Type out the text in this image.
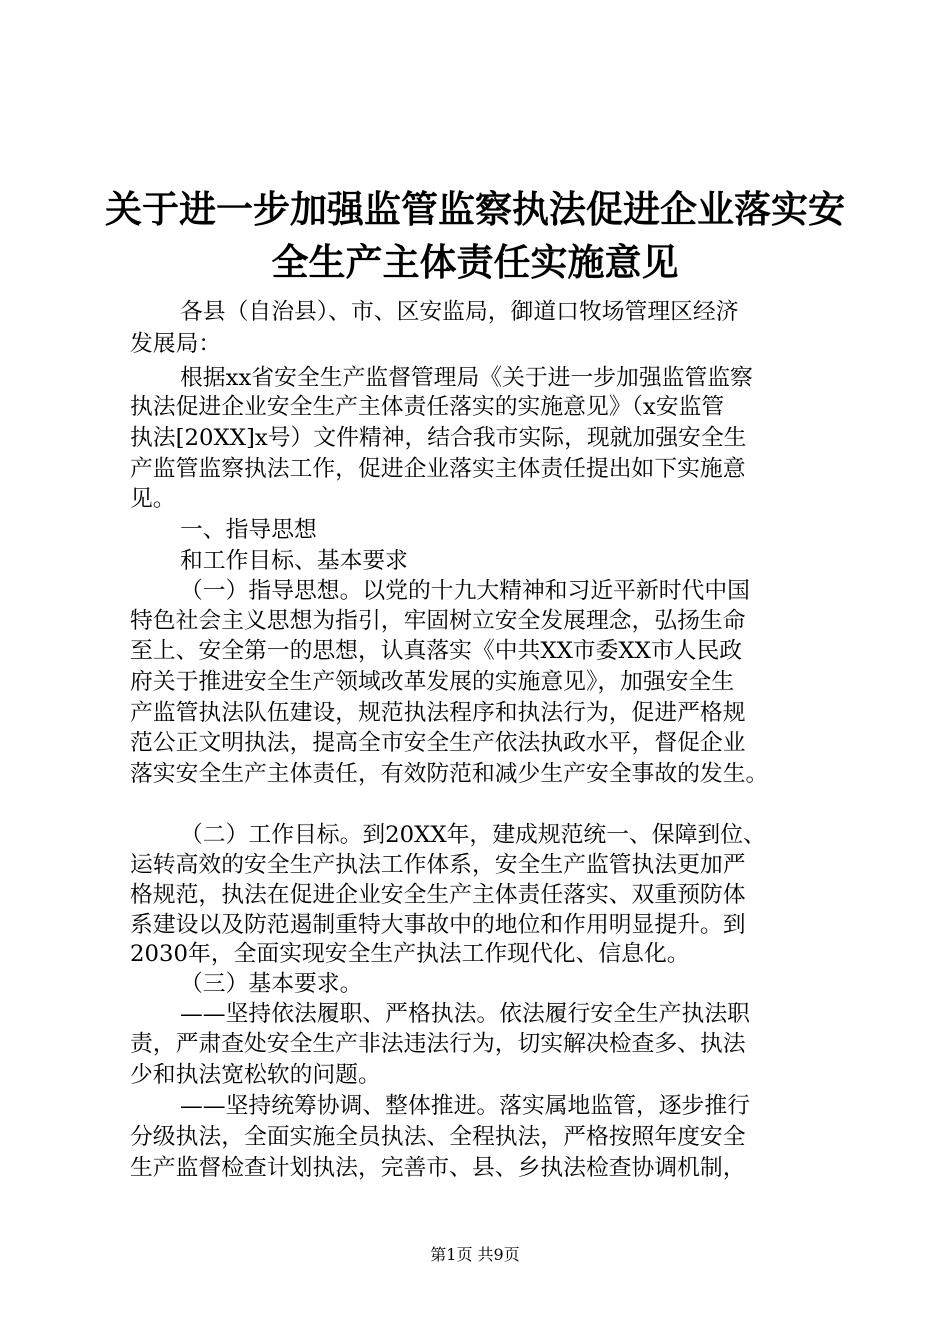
关于进一步加强监管监察执法促进企业落实安
全生产主体责任实施意见
各县（自治县）、市、区安监局，御道口牧场管理区经济
发展局：
根据xx省安全生产监督管理局《关于进一步加强监管监察
执法促进企业安全生产主体责任落实的实施意见》（x安监管
执法[20XX]x号）文件精神，结合我市实际，现就加强安全生
产监管监察执法工作，促进企业落实主体责任提出如下实施意
见。
一、指导思想
和工作目标、基本要求
（一）指导思想。以党的十九大精神和习近平新时代中国
特色社会主义思想为指引，牢固树立安全发展理念，弘扬生命
至上、安全第一的思想，认真落实《中共XX市委XX市人民政
府关于推进安全生产领域改革发展的实施意见》，加强安全生
产监管执法队伍建设，规范执法程序和执法行为，促进严格规
范公正文明执法，提高全市安全生产依法执政水平，督促企业
落实安全生产主体责任，有效防范和减少生产安全事故的发生。
（二）工作目标。到20XX年，建成规范统一、保障到位、
运转高效的安全生产执法工作体系，安全生产监管执法更加严
格规范，执法在促进企业安全生产主体责任落实、双重预防体
系建设以及防范遏制重特大事故中的地位和作用明显提升。到
2030年，全面实现安全生产执法工作现代化、信息化。
（三）基本要求。
——坚持依法履职、严格执法。依法履行安全生产执法职
责，严肃查处安全生产非法违法行为，切实解决检查多、执法
少和执法宽松软的问题。
——坚持统筹协调、整体推进。落实属地监管，逐步推行
分级执法，全面实施全员执法、全程执法，严格按照年度安全
生产监督检查计划执法，完善市、县、乡执法检查协调机制，
第1页 共9页
